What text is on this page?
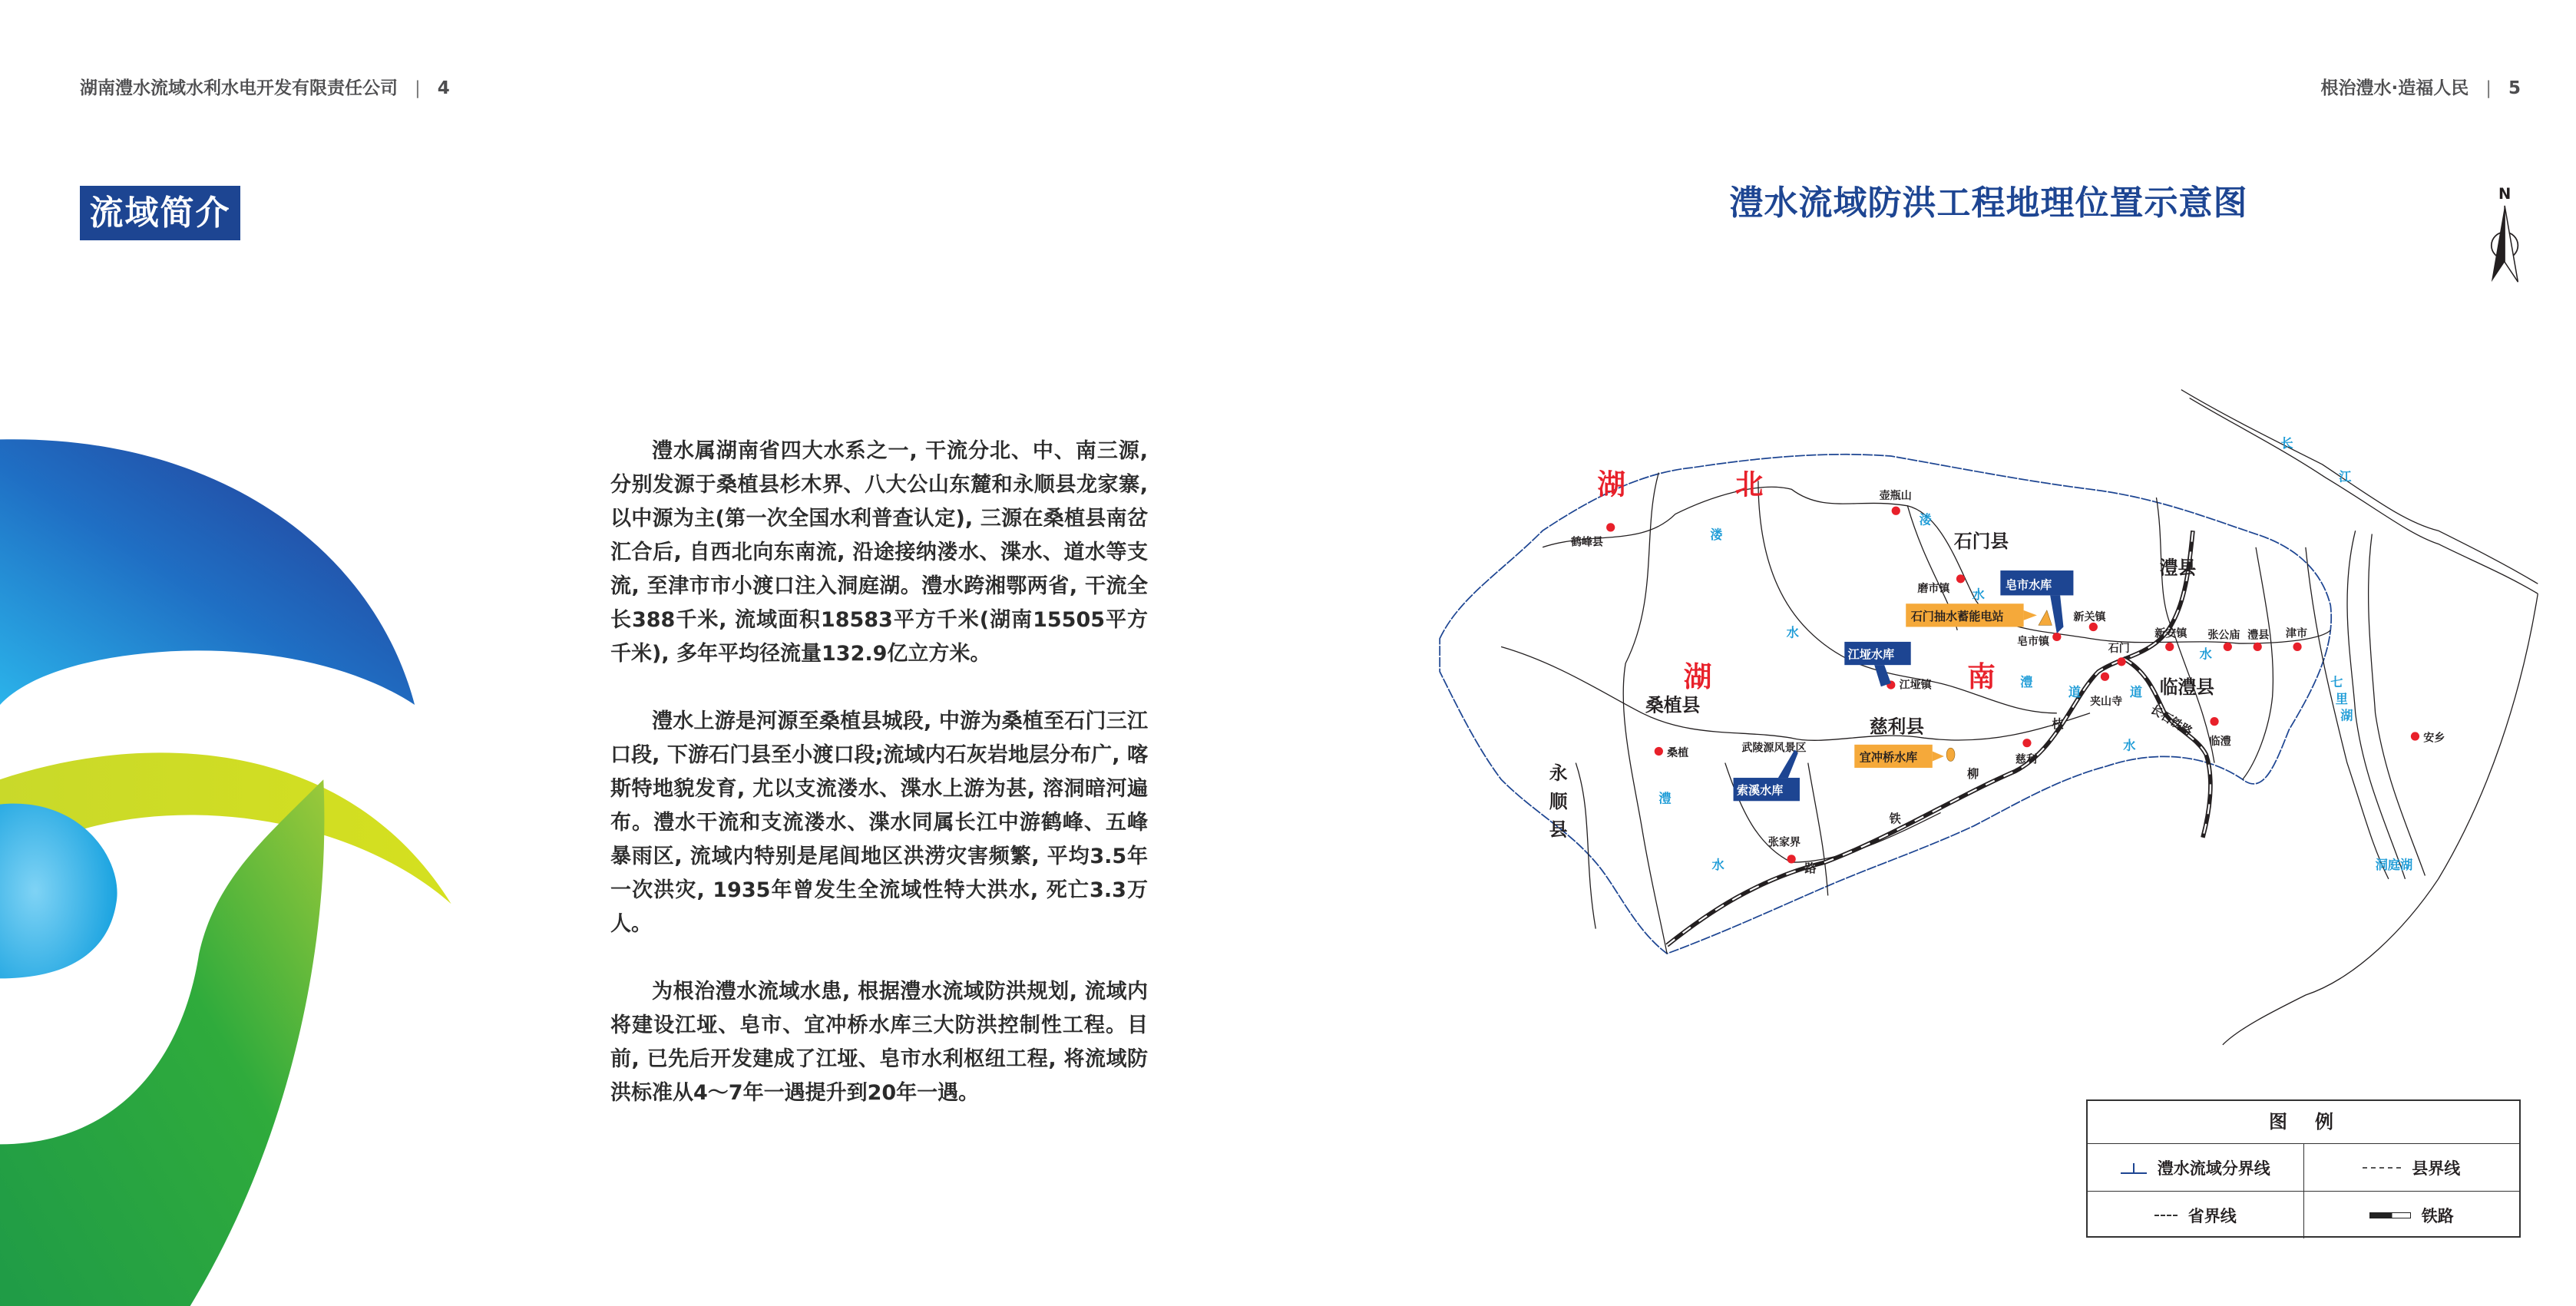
湖南澧水流域水利水电开发有限责任公司 | 4	根治澧水·造福人民 | 5
流域简介

澧水属湖南省四大水系之一, 干流分北、中、南三源, 分别发源于桑植县杉木界、八大公山东麓和永顺县龙家寨, 以中源为主(第一次全国水利普查认定), 三源在桑植县南岔汇合后, 自西北向东南流, 沿途接纳溇水、渫水、道水等支流, 至津市市小渡口注入洞庭湖。澧水跨湘鄂两省, 干流全长388千米, 流域面积18583平方千米(湖南15505平方千米), 多年平均径流量132.9亿立方米。

澧水上游是河源至桑植县城段, 中游为桑植至石门三江口段, 下游石门县至小渡口段;流域内石灰岩地层分布广, 喀斯特地貌发育, 尤以支流溇水、渫水上游为甚, 溶洞暗河遍布。澧水干流和支流溇水、渫水同属长江中游鹤峰、五峰暴雨区, 流域内特别是尾闾地区洪涝灾害频繁, 平均3.5年一次洪灾, 1935年曾发生全流域性特大洪水, 死亡3.3万人。

为根治澧水流域水患, 根据澧水流域防洪规划, 流域内将建设江垭、皂市、宜冲桥水库三大防洪控制性工程。目前, 已先后开发建成了江垭、皂市水利枢纽工程, 将流域防洪标准从4～7年一遇提升到20年一遇。

澧水流域防洪工程地理位置示意图	N
湖	北
湖	南
石门县
澧县
临澧县
桑植县
慈利县
永
顺
县
鹤峰县
壶瓶山
磨市镇
皂市镇
新关镇
石门
新安镇	张公庙 澧县	津市
夹山寺
临澧	安乡
慈利
桑植
张家界
江垭镇
武陵源风景区
溇
溇
水
水
澧
道
水
水
澧
水
长
江
七
里
湖
洞庭湖
道
皂市水库
江垭水库
索溪水库
石门抽水蓄能电站
宜冲桥水库
枝
柳
铁
路
长石铁路
图　例
澧水流域分界线	县界线
省界线	铁路
